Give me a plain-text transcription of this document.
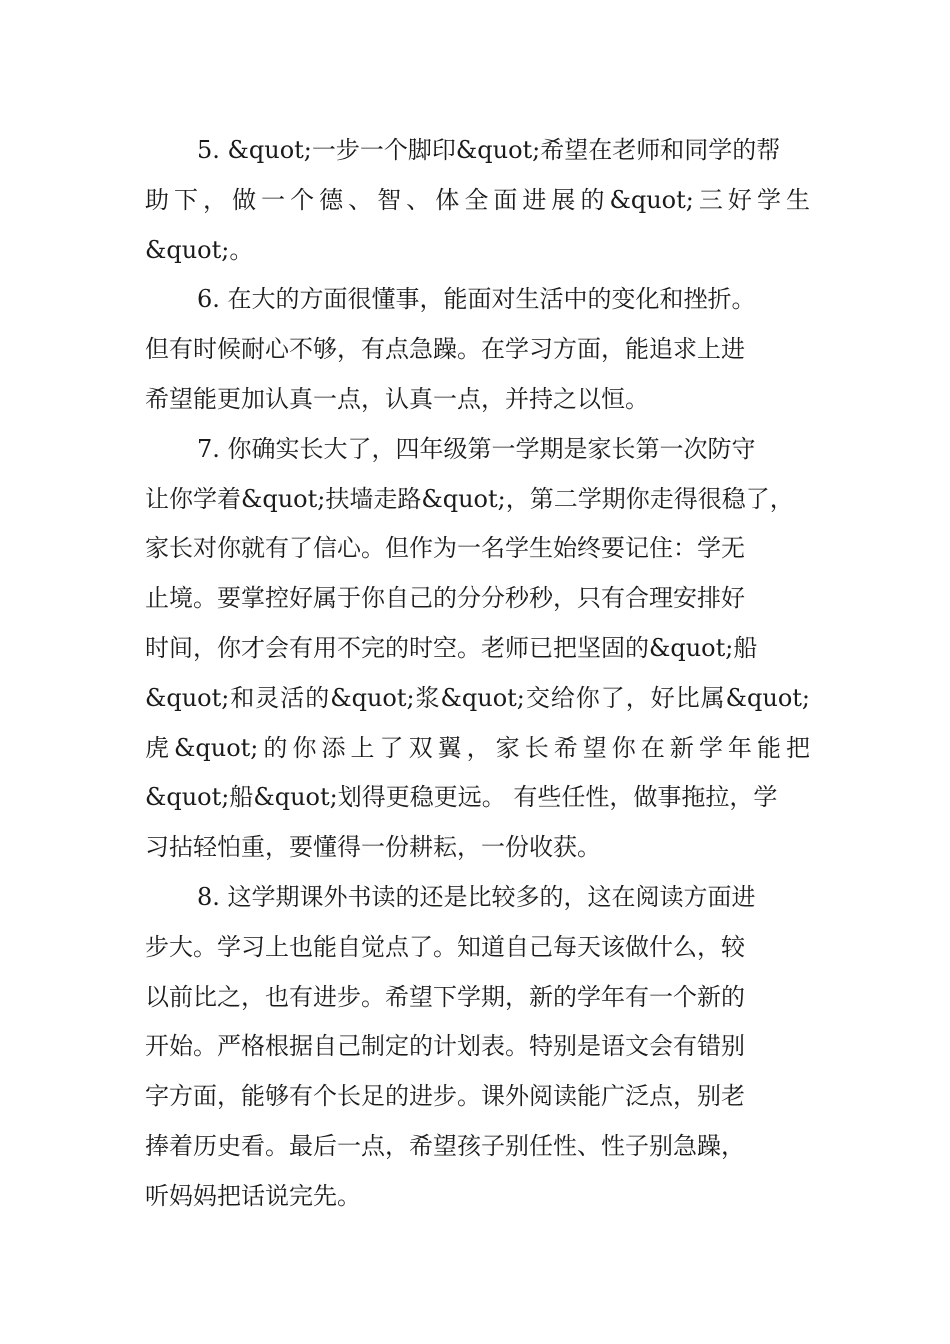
5. &quot;一步一个脚印&quot;希望在老师和同学的帮
助下，做一个德、智、体全面进展的&quot;三好学生
&quot;。
6. 在大的方面很懂事，能面对生活中的变化和挫折。
但有时候耐心不够，有点急躁。在学习方面，能追求上进
希望能更加认真一点，认真一点，并持之以恒。
7. 你确实长大了，四年级第一学期是家长第一次防守
让你学着&quot;扶墙走路&quot;，第二学期你走得很稳了，
家长对你就有了信心。但作为一名学生始终要记住：学无
止境。要掌控好属于你自己的分分秒秒，只有合理安排好
时间，你才会有用不完的时空。老师已把坚固的&quot;船
&quot;和灵活的&quot;浆&quot;交给你了，好比属&quot;
虎&quot;的你添上了双翼，家长希望你在新学年能把
&quot;船&quot;划得更稳更远。 有些任性，做事拖拉，学
习拈轻怕重，要懂得一份耕耘，一份收获。
8. 这学期课外书读的还是比较多的，这在阅读方面进
步大。学习上也能自觉点了。知道自己每天该做什么，较
以前比之，也有进步。希望下学期，新的学年有一个新的
开始。严格根据自己制定的计划表。特别是语文会有错别
字方面，能够有个长足的进步。课外阅读能广泛点，别老
捧着历史看。最后一点，希望孩子别任性、性子别急躁，
听妈妈把话说完先。
